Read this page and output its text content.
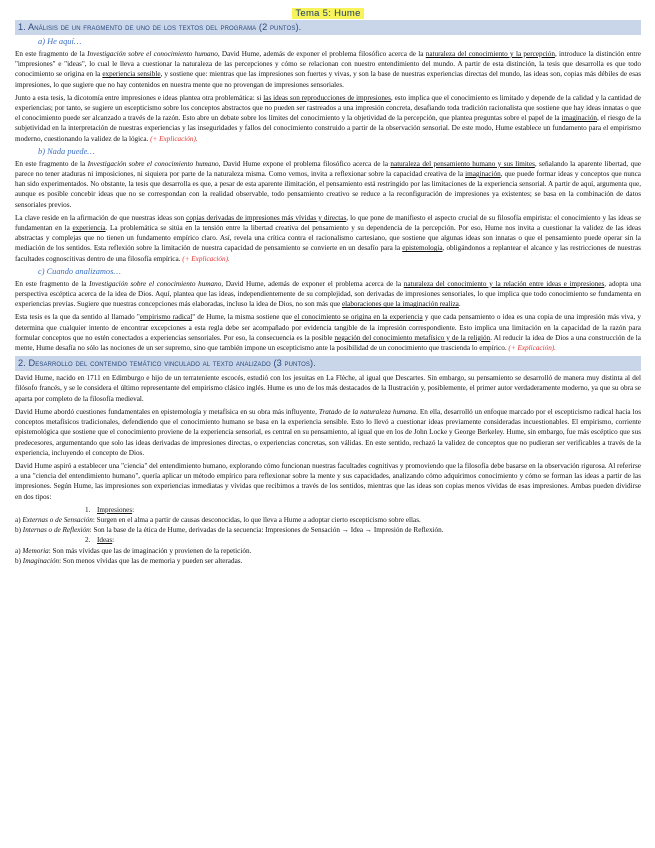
Tema 5: Hume
1. Análisis de un fragmento de uno de los textos del programa (2 puntos).
a) He aquí…

En este fragmento de la Investigación sobre el conocimiento humano, David Hume, además de exponer el problema filosófico acerca de la naturaleza del conocimiento y la percepción, introduce la distinción entre "impresiones" e "ideas", lo cual le lleva a cuestionar la naturaleza de las percepciones y cómo se relacionan con nuestro entendimiento del mundo. A partir de esta distinción, la tesis que desarrolla es que todo conocimiento se origina en la experiencia sensible, y sostiene que: mientras que las impresiones son fuertes y vivas, y son la base de nuestras experiencias directas del mundo, las ideas son, copias más débiles de esas impresiones, lo que sugiere que no hay contenidos en nuestra mente que no provengan de impresiones sensoriales.

Junto a esta tesis, la dicotomía entre impresiones e ideas plantea otra problemática: si las ideas son reproducciones de impresiones, esto implica que el conocimiento es limitado y depende de la calidad y la cantidad de experiencias; por tanto, se sugiere un escepticismo sobre los conceptos abstractos que no pueden ser rastreados a una impresión concreta, desafiando toda tradición racionalista que sostiene que hay ideas innatas o que el conocimiento puede ser alcanzado a través de la razón. Esto abre un debate sobre los límites del conocimiento y la objetividad de la percepción, que plantea preguntas sobre el papel de la imaginación, el riesgo de la subjetividad en la interpretación de nuestras experiencias y las inseguridades y fallos del conocimiento construido a partir de la observación sensorial. De este modo, Hume establece un fundamento para el empirismo moderno, cuestionando la validez de la lógica. (+ Explicación).

b) Nada puede…

En este fragmento de la Investigación sobre el conocimiento humano, David Hume expone el problema filosófico acerca de la naturaleza del pensamiento humano y sus límites, señalando la aparente libertad, que parece no tener ataduras ni imposiciones, ni siquiera por parte de la naturaleza misma. Como vemos, invita a reflexionar sobre la capacidad creativa de la imaginación, que puede formar ideas y conceptos que nunca han sido experimentados. No obstante, la tesis que desarrolla es que, a pesar de esta aparente ilimitación, el pensamiento está restringido por las limitaciones de la experiencia sensorial. A partir de aquí, argumenta que, aunque es posible concebir ideas que no se correspondan con la realidad observable, todo pensamiento creativo se reduce a la reconfiguración de impresiones ya existentes; se basa en la combinación de datos sensoriales previos.

La clave reside en la afirmación de que nuestras ideas son copias derivadas de impresiones más vívidas y directas, lo que pone de manifiesto el aspecto crucial de su filosofía empirista: el conocimiento y las ideas se fundamentan en la experiencia. La problemática se sitúa en la tensión entre la libertad creativa del pensamiento y su dependencia de la percepción. Por eso, Hume nos invita a cuestionar la validez de las ideas abstractas y complejas que no tienen un fundamento empírico claro. Así, revela una crítica contra el racionalismo cartesiano, que sostiene que algunas ideas son innatas o que el pensamiento puede operar sin la mediación de los sentidos. Esta reflexión sobre la limitación de nuestra capacidad de pensamiento se convierte en un desafío para la epistemología, obligándonos a replantear el alcance y las restricciones de nuestras facultades cognoscitivas dentro de una filosofía empírica. (+ Explicación).

c) Cuando analizamos…

En este fragmento de la Investigación sobre el conocimiento humano, David Hume, además de exponer el problema acerca de la naturaleza del conocimiento y la relación entre ideas e impresiones, adopta una perspectiva escéptica acerca de la idea de Dios. Aquí, plantea que las ideas, independientemente de su complejidad, son derivadas de impresiones sensoriales, lo que implica que todo conocimiento se fundamenta en experiencias previas. Sugiere que nuestras concepciones más elaboradas, incluso la idea de Dios, no son más que elaboraciones que la imaginación realiza.

Esta tesis es la que da sentido al llamado "empirismo radical" de Hume, la misma sostiene que el conocimiento se origina en la experiencia y que cada pensamiento o idea es una copia de una impresión más viva, y determina que cualquier intento de encontrar excepciones a esta regla debe ser acompañado por evidencia tangible de la impresión correspondiente. Esto implica una limitación en la capacidad de la razón para formular conceptos que no estén conectados a experiencias sensoriales. Por eso, la consecuencia es la posible negación del conocimiento metafísico y de la religión. Al reducir la idea de Dios a una construcción de la mente, Hume desafía no sólo las nociones de un ser supremo, sino que también impone un escepticismo ante la posibilidad de un conocimiento que trascienda lo empírico. (+ Explicación).

2. Desarrollo del contenido temático vinculado al texto analizado (3 puntos).

David Hume, nacido en 1711 en Edimburgo e hijo de un terrateniente escocés, estudió con los jesuitas en La Flèche, al igual que Descartes. Sin embargo, su pensamiento se desarrolló de manera muy distinta al del filósofo francés, y se le considera el último representante del empirismo clásico inglés. Hume es uno de los más destacados de la Ilustración y, posiblemente, el primer autor verdaderamente moderno, ya que su obra se aparta por completo de la filosofía medieval.

David Hume abordó cuestiones fundamentales en epistemología y metafísica en su obra más influyente, Tratado de la naturaleza humana. En ella, desarrolló un enfoque marcado por el escepticismo radical hacia los conceptos metafísicos tradicionales, defendiendo que el conocimiento humano se basa en la experiencia sensible. Esto lo llevó a cuestionar ideas previamente consideradas incuestionables. El empirismo, corriente epistemológica que sostiene que el conocimiento proviene de la experiencia sensorial, es central en su pensamiento, al igual que en los de John Locke y George Berkeley. Hume, sin embargo, fue más escéptico que sus predecesores, argumentando que solo las ideas derivadas de impresiones directas, o experiencias concretas, son válidas. En este sentido, rechazó la validez de conceptos que no pudieran ser verificables a través de la experiencia, incluyendo el concepto de Dios.

David Hume aspiró a establecer una "ciencia" del entendimiento humano, explorando cómo funcionan nuestras facultades cognitivas y promoviendo que la filosofía debe basarse en la observación rigurosa. Al referirse a una "ciencia del entendimiento humano", quería aplicar un método empírico para reflexionar sobre la mente y sus capacidades, analizando cómo adquirimos conocimiento y cómo se forman las ideas a partir de las impresiones. Según Hume, las impresiones son experiencias inmediatas y vívidas que recibimos a través de los sentidos, mientras que las ideas son copias menos vívidas de esas impresiones. Ambas pueden dividirse en dos tipos:

1. Impresiones:
a) Externas o de Sensación: Surgen en el alma a partir de causas desconocidas, lo que lleva a Hume a adoptar cierto escepticismo sobre ellas.
b) Internas o de Reflexión: Son la base de la ética de Hume, derivadas de la secuencia: Impresiones de Sensación → Idea → Impresión de Reflexión.
2. Ideas:
a) Memoria: Son más vívidas que las de imaginación y provienen de la repetición.
b) Imaginación: Son menos vívidas que las de memoria y pueden ser alteradas.
